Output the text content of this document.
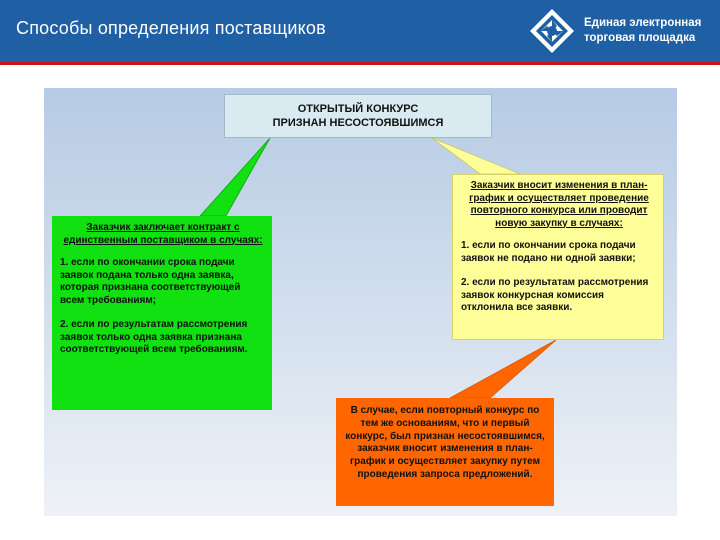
Способы определения поставщиков	Единая электронная
торговая площадка
ОТКРЫТЫЙ КОНКУРС
ПРИЗНАН НЕСОСТОЯВШИМСЯ
Заказчик заключает контракт с единственным поставщиком в случаях:
1. если по окончании срока подачи заявок подана только одна заявка, которая признана соответствующей всем требованиям;
2. если по результатам рассмотрения заявок только одна заявка признана соответствующей всем требованиям.
Заказчик вносит изменения в план-график и осуществляет проведение повторного конкурса или проводит новую закупку в случаях:
1. если по окончании срока подачи заявок не подано ни одной заявки;
2. если по результатам рассмотрения заявок конкурсная комиссия отклонила все заявки.
В случае, если повторный конкурс по тем же основаниям, что и первый конкурс, был признан несостоявшимся, заказчик вносит изменения в план-график и осуществляет закупку путем проведения запроса предложений.
